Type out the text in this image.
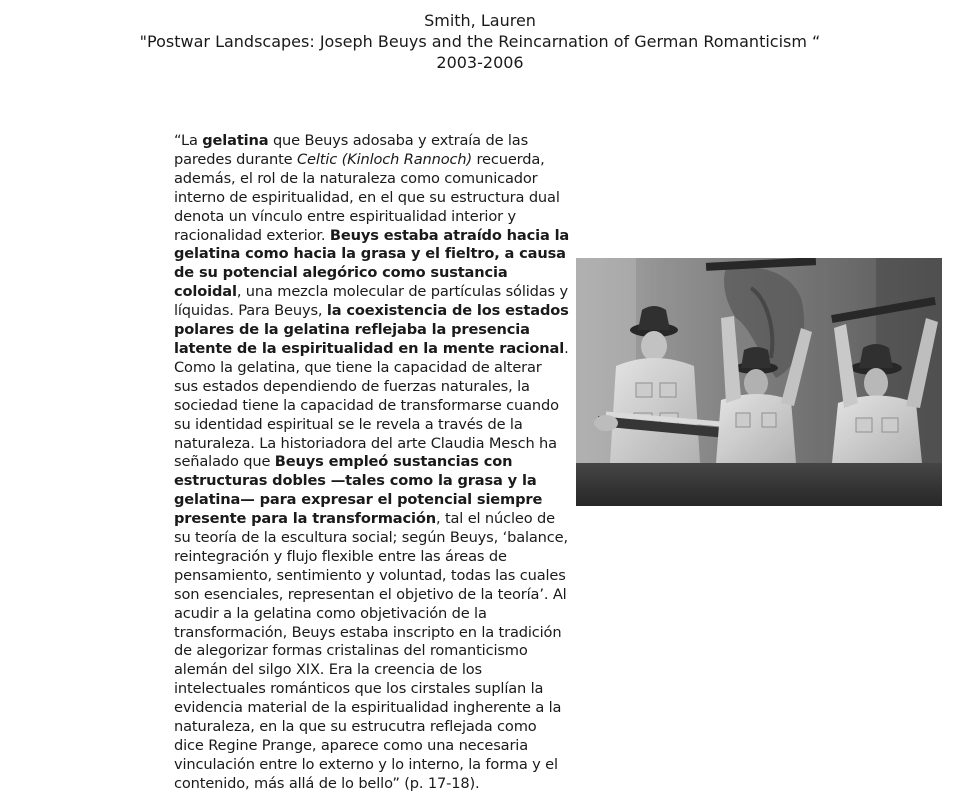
Smith, Lauren
"Postwar Landscapes: Joseph Beuys and the Reincarnation of German Romanticism “
2003-2006
“La gelatina que Beuys adosaba y extraía de las paredes durante Celtic (Kinloch Rannoch) recuerda, además, el rol de la naturaleza como comunicador interno de espiritualidad, en el que su estructura dual denota un vínculo entre espiritualidad interior y racionalidad exterior. Beuys estaba atraído hacia la gelatina como hacia la grasa y el fieltro, a causa de su potencial alegórico como sustancia coloidal, una mezcla molecular de partículas sólidas y líquidas. Para Beuys, la coexistencia de los estados polares de la gelatina reflejaba la presencia latente de la espiritualidad en la mente racional. Como la gelatina, que tiene la capacidad de alterar sus estados dependiendo de fuerzas naturales, la sociedad tiene la capacidad de transformarse cuando su identidad espiritual se le revela a través de la naturaleza. La historiadora del arte Claudia Mesch ha señalado que Beuys empleó sustancias con estructuras dobles —tales como la grasa y la gelatina— para expresar el potencial siempre presente para la transformación, tal el núcleo de su teoría de la escultura social; según Beuys, ‘balance, reintegración y flujo flexible entre las áreas de pensamiento, sentimiento y voluntad, todas las cuales son esenciales, representan el objetivo de la teoría’. Al acudir a la gelatina como objetivación de la transformación, Beuys estaba inscripto en la tradición de alegorizar formas cristalinas del romanticismo alemán del silgo XIX. Era la creencia de los intelectuales románticos que los cirstales suplían la evidencia material de la espiritualidad ingherente a la naturaleza, en la que su estrucutra reflejada como dice Regine Prange, aparece como una necesaria vinculación entre lo externo y lo interno, la forma y el contenido, más allá de lo bello” (p. 17-18).
